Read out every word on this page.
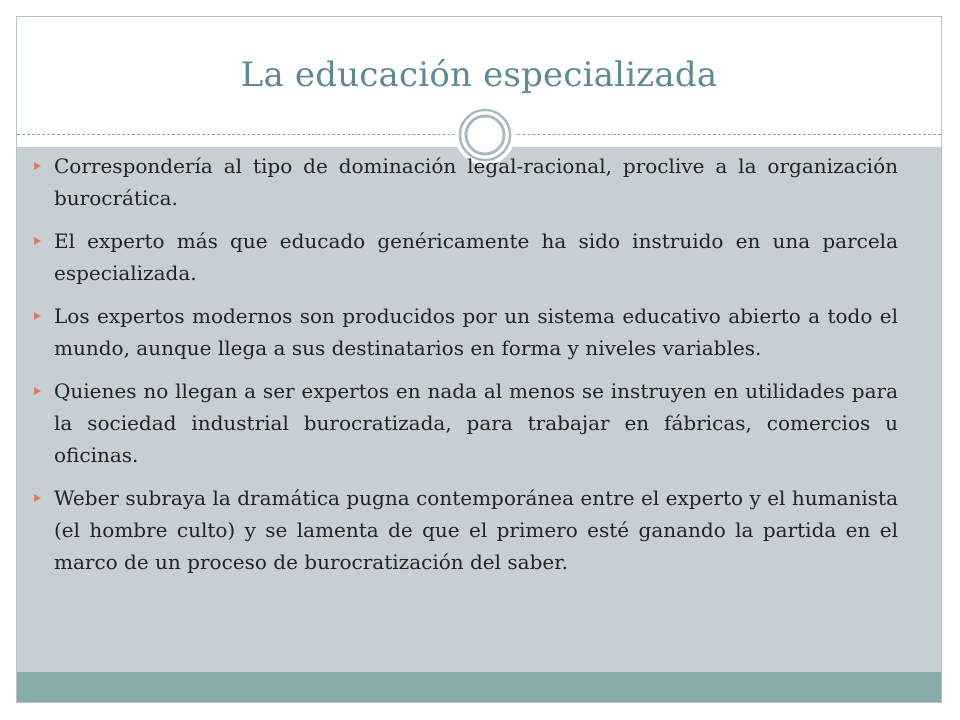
La educación especializada
Correspondería al tipo de dominación legal-racional, proclive a la organización burocrática.
El experto más que educado genéricamente ha sido instruido en una parcela especializada.
Los expertos modernos son producidos por un sistema educativo abierto a todo el mundo, aunque llega a sus destinatarios en forma y niveles variables.
Quienes no llegan a ser expertos en nada al menos se instruyen en utilidades para la sociedad industrial burocratizada, para trabajar en fábricas, comercios u oficinas.
Weber subraya la dramática pugna contemporánea entre el experto y el humanista (el hombre culto) y se lamenta de que el primero esté ganando la partida en el marco de un proceso de burocratización del saber.
